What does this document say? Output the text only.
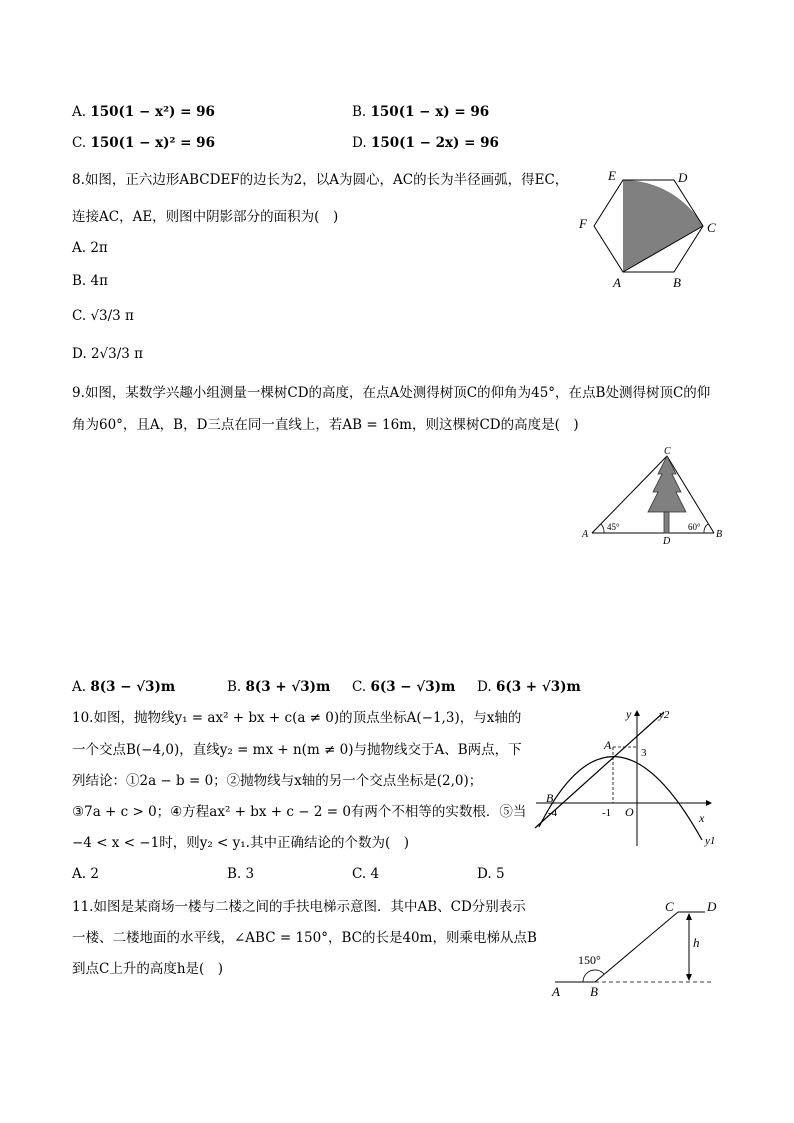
A. 150(1 − x²) = 96	B. 150(1 − x) = 96
C. 150(1 − x)² = 96	D. 150(1 − 2x) = 96
8.如图，正六边形ABCDEF的边长为2，以A为圆心，AC的长为半径画弧，得EC，
连接AC，AE，则图中阴影部分的面积为(　)
A. 2π
B. 4π
C. √3/3 π
D. 2√3/3 π
E	D
F	C
A	B
9.如图，某数学兴趣小组测量一棵树CD的高度，在点A处测得树顶C的仰角为45°，在点B处测得树顶C的仰
角为60°，且A，B，D三点在同一直线上，若AB = 16m，则这棵树CD的高度是(　)
C
A
D
B
45°	60°
A. 8(3 − √3)m	B. 8(3 + √3)m C. 6(3 − √3)m D. 6(3 + √3)m
10.如图，抛物线y₁ = ax² + bx + c(a ≠ 0)的顶点坐标A(−1,3)，与x轴的
一个交点B(−4,0)，直线y₂ = mx + n(m ≠ 0)与抛物线交于A、B两点，下
列结论：①2a − b = 0；②抛物线与x轴的另一个交点坐标是(2,0)；
③7a + c > 0；④方程ax² + bx + c − 2 = 0有两个不相等的实数根．⑤当
−4 < x < −1时，则y₂ < y₁.其中正确结论的个数为(　)
A. 2	B. 3	C. 4	D. 5
y	y2
y1
x
A
B
3
-4	-1 O
11.如图是某商场一楼与二楼之间的手扶电梯示意图．其中AB、CD分别表示
一楼、二楼地面的水平线，∠ABC = 150°，BC的长是40m，则乘电梯从点B
到点C上升的高度h是(　)
C	D
h
A B
150°
